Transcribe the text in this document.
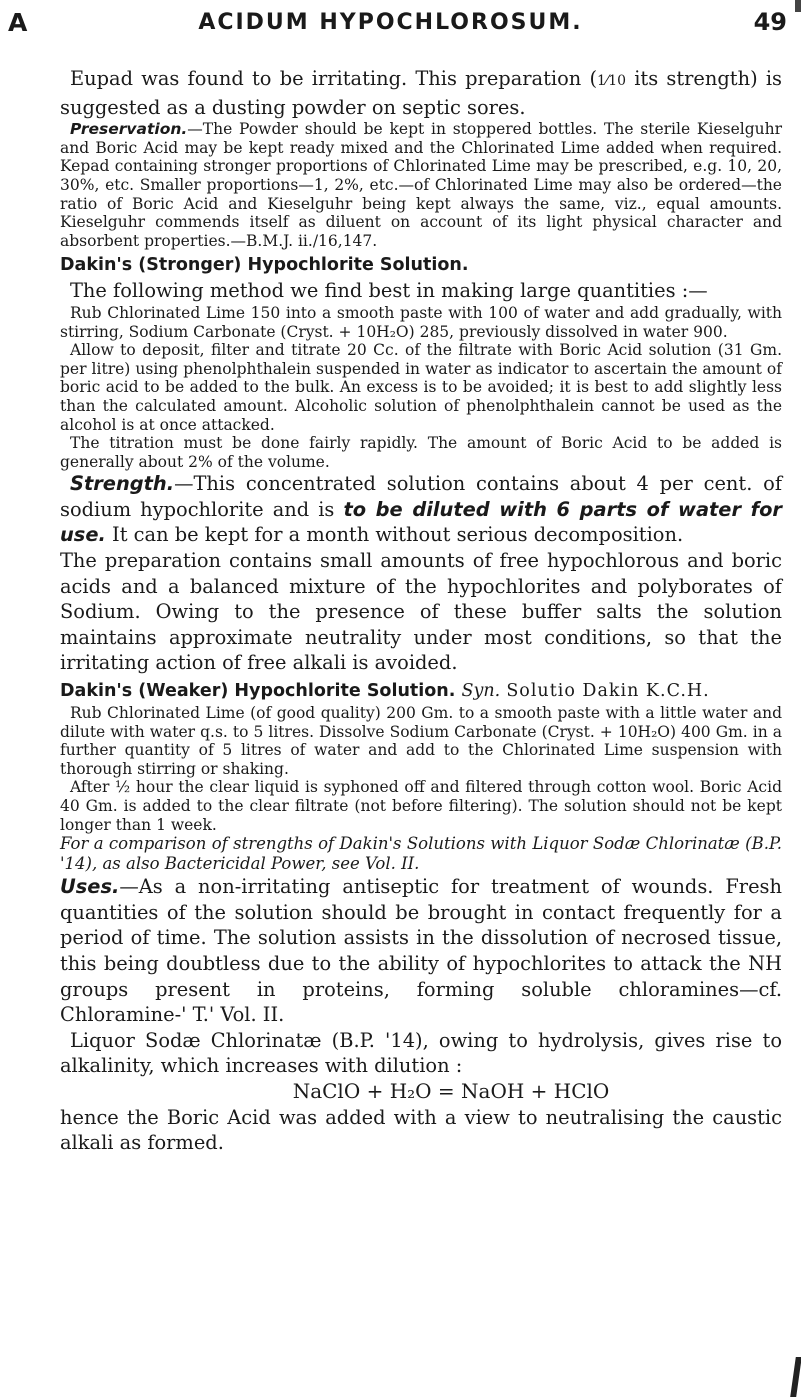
A	ACIDUM HYPOCHLOROSUM.	49

Eupad was found to be irritating. This preparation (1⁄10 its strength) is suggested as a dusting powder on septic sores.

Preservation.—The Powder should be kept in stoppered bottles. The sterile Kieselguhr and Boric Acid may be kept ready mixed and the Chlorinated Lime added when required. Kepad containing stronger proportions of Chlorinated Lime may be prescribed, e.g. 10, 20, 30%, etc. Smaller proportions—1, 2%, etc.—of Chlorinated Lime may also be ordered—the ratio of Boric Acid and Kieselguhr being kept always the same, viz., equal amounts. Kieselguhr commends itself as diluent on account of its light physical character and absorbent properties.—B.M.J. ii./16,147.

Dakin's (Stronger) Hypochlorite Solution.

The following method we find best in making large quantities :—

Rub Chlorinated Lime 150 into a smooth paste with 100 of water and add gradually, with stirring, Sodium Carbonate (Cryst. + 10H₂O) 285, previously dissolved in water 900.

Allow to deposit, filter and titrate 20 Cc. of the filtrate with Boric Acid solution (31 Gm. per litre) using phenolphthalein suspended in water as indicator to ascertain the amount of boric acid to be added to the bulk. An excess is to be avoided; it is best to add slightly less than the calculated amount. Alcoholic solution of phenolphthalein cannot be used as the alcohol is at once attacked.

The titration must be done fairly rapidly. The amount of Boric Acid to be added is generally about 2% of the volume.

Strength.—This concentrated solution contains about 4 per cent. of sodium hypochlorite and is to be diluted with 6 parts of water for use. It can be kept for a month without serious decomposition.

The preparation contains small amounts of free hypochlorous and boric acids and a balanced mixture of the hypochlorites and polyborates of Sodium. Owing to the presence of these buffer salts the solution maintains approximate neutrality under most conditions, so that the irritating action of free alkali is avoided.

Dakin's (Weaker) Hypochlorite Solution. Syn. Solutio Dakin K.C.H.

Rub Chlorinated Lime (of good quality) 200 Gm. to a smooth paste with a little water and dilute with water q.s. to 5 litres. Dissolve Sodium Carbonate (Cryst. + 10H₂O) 400 Gm. in a further quantity of 5 litres of water and add to the Chlorinated Lime suspension with thorough stirring or shaking.

After ½ hour the clear liquid is syphoned off and filtered through cotton wool. Boric Acid 40 Gm. is added to the clear filtrate (not before filtering). The solution should not be kept longer than 1 week.

For a comparison of strengths of Dakin's Solutions with Liquor Sodæ Chlorinatæ (B.P. '14), as also Bactericidal Power, see Vol. II.

Uses.—As a non-irritating antiseptic for treatment of wounds. Fresh quantities of the solution should be brought in contact frequently for a period of time. The solution assists in the dissolution of necrosed tissue, this being doubtless due to the ability of hypochlorites to attack the NH groups present in proteins, forming soluble chloramines—cf. Chloramine-' T.' Vol. II.

Liquor Sodæ Chlorinatæ (B.P. '14), owing to hydrolysis, gives rise to alkalinity, which increases with dilution :

NaClO + H₂O = NaOH + HClO

hence the Boric Acid was added with a view to neutralising the caustic alkali as formed.
